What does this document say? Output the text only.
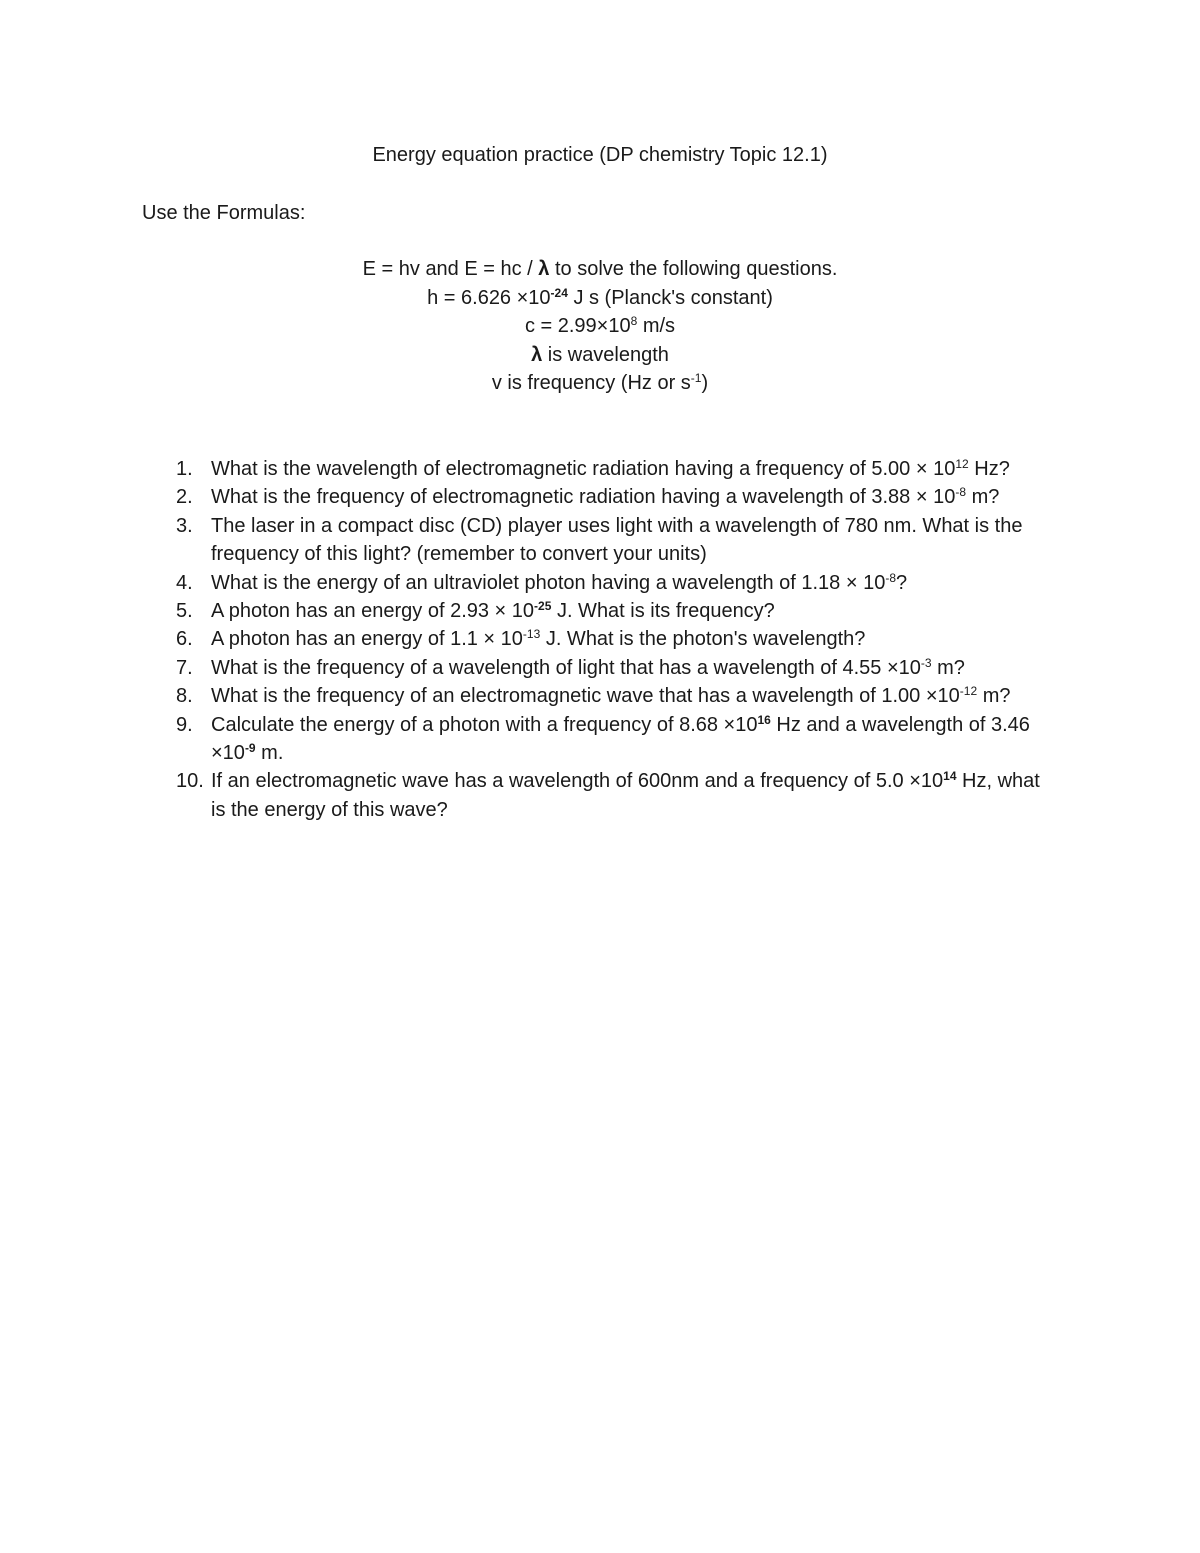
Energy equation practice (DP chemistry Topic 12.1)
Use the Formulas:
E = hv and E = hc / λ to solve the following questions.
$h = 6.626 \times 10^{-24}$ J s (Planck's constant)
$c = 2.99\times 10^8$ m/s
λ is wavelength
v is frequency (Hz or $s^{-1}$)
1. What is the wavelength of electromagnetic radiation having a frequency of $5.00 \times 10^{12}$ Hz?
2. What is the frequency of electromagnetic radiation having a wavelength of $3.88 \times 10^{-8}$ m?
3. The laser in a compact disc (CD) player uses light with a wavelength of 780 nm. What is the frequency of this light? (remember to convert your units)
4. What is the energy of an ultraviolet photon having a wavelength of $1.18 \times 10^{-8}$?
5. A photon has an energy of $2.93 \times 10^{-25}$ J. What is its frequency?
6. A photon has an energy of $1.1 \times 10^{-13}$ J. What is the photon's wavelength?
7. What is the frequency of a wavelength of light that has a wavelength of $4.55 \times 10^{-3}$ m?
8. What is the frequency of an electromagnetic wave that has a wavelength of $1.00 \times 10^{-12}$ m?
9. Calculate the energy of a photon with a frequency of $8.68 \times 10^{16}$ Hz and a wavelength of $3.46 \times 10^{-9}$ m.
10. If an electromagnetic wave has a wavelength of 600nm and a frequency of $5.0 \times 10^{14}$ Hz, what is the energy of this wave?
